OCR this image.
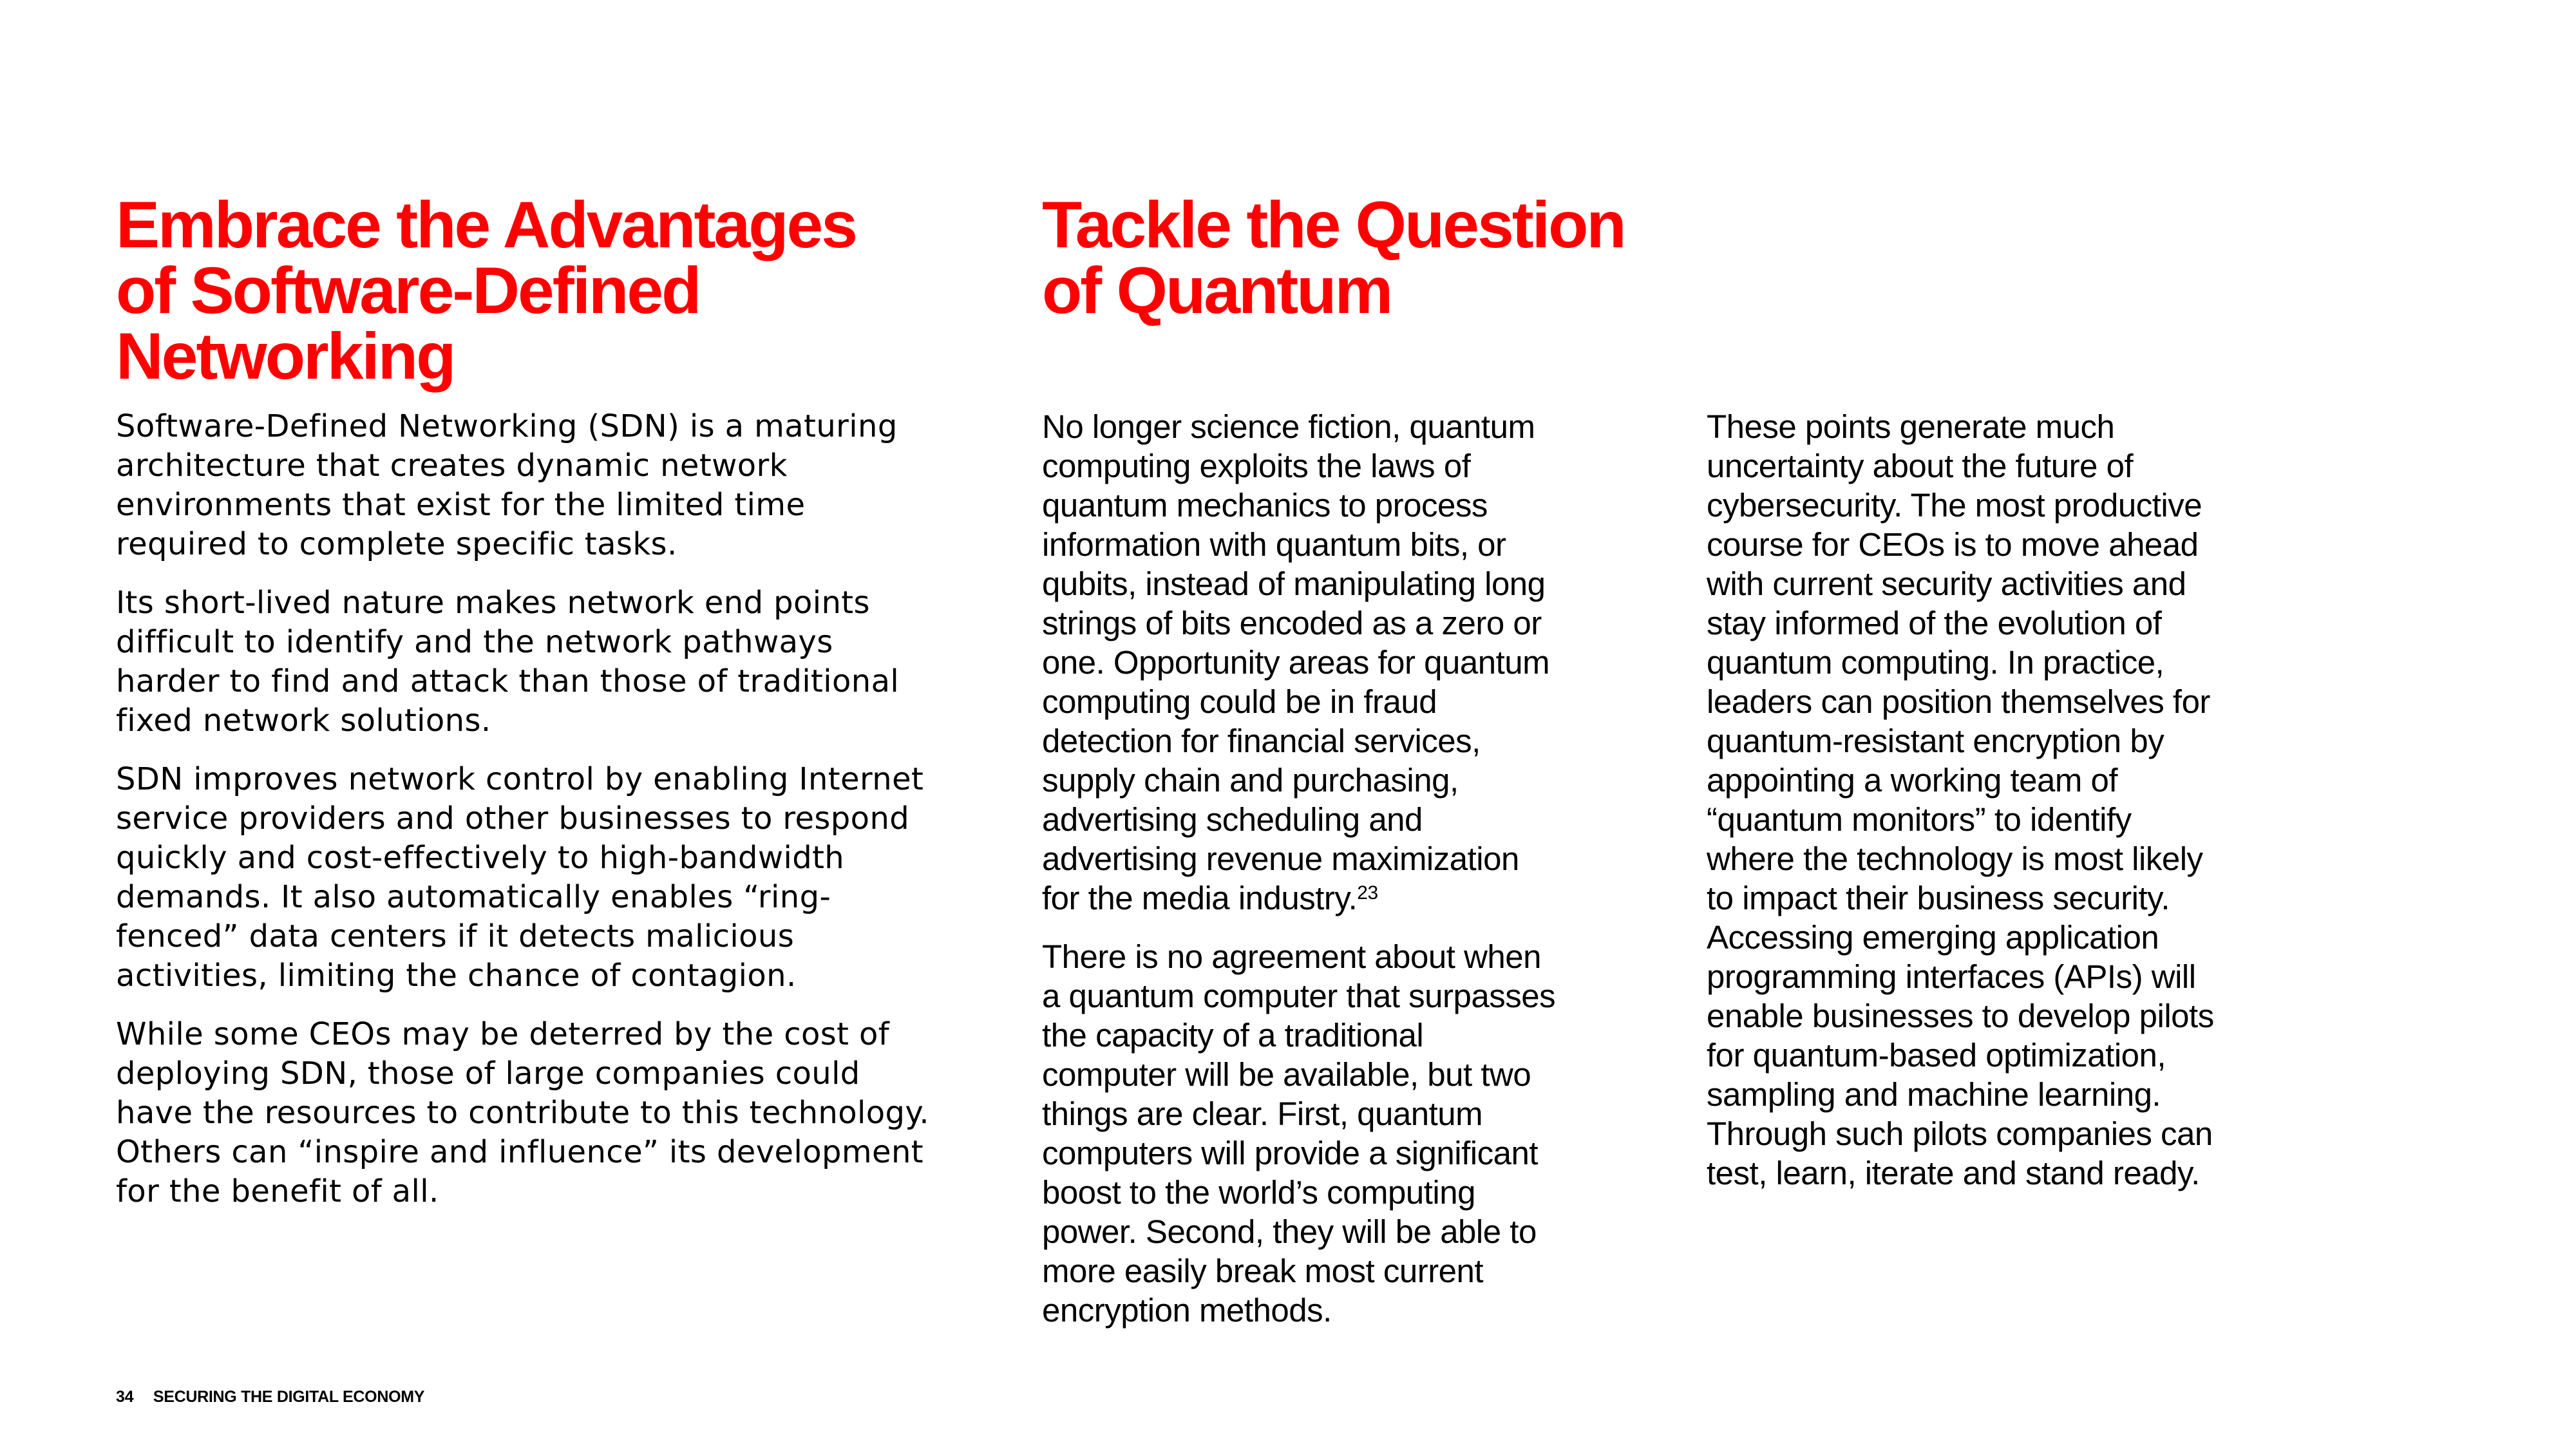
Embrace the Advantages
of Software-Defined
Networking
Tackle the Question
of Quantum

Software-Defined Networking (SDN) is a maturing
architecture that creates dynamic network
environments that exist for the limited time
required to complete specific tasks.

Its short-lived nature makes network end points
difficult to identify and the network pathways
harder to find and attack than those of traditional
fixed network solutions.

SDN improves network control by enabling Internet
service providers and other businesses to respond
quickly and cost-effectively to high-bandwidth
demands. It also automatically enables “ring-
fenced” data centers if it detects malicious
activities, limiting the chance of contagion.

While some CEOs may be deterred by the cost of
deploying SDN, those of large companies could
have the resources to contribute to this technology.
Others can “inspire and influence” its development
for the benefit of all.

No longer science fiction, quantum
computing exploits the laws of
quantum mechanics to process
information with quantum bits, or
qubits, instead of manipulating long
strings of bits encoded as a zero or
one. Opportunity areas for quantum
computing could be in fraud
detection for financial services,
supply chain and purchasing,
advertising scheduling and
advertising revenue maximization
for the media industry.$^{23}$

There is no agreement about when
a quantum computer that surpasses
the capacity of a traditional
computer will be available, but two
things are clear. First, quantum
computers will provide a significant
boost to the world’s computing
power. Second, they will be able to
more easily break most current
encryption methods.

These points generate much
uncertainty about the future of
cybersecurity. The most productive
course for CEOs is to move ahead
with current security activities and
stay informed of the evolution of
quantum computing. In practice,
leaders can position themselves for
quantum-resistant encryption by
appointing a working team of
“quantum monitors” to identify
where the technology is most likely
to impact their business security.
Accessing emerging application
programming interfaces (APIs) will
enable businesses to develop pilots
for quantum-based optimization,
sampling and machine learning.
Through such pilots companies can
test, learn, iterate and stand ready.

34 SECURING THE DIGITAL ECONOMY
